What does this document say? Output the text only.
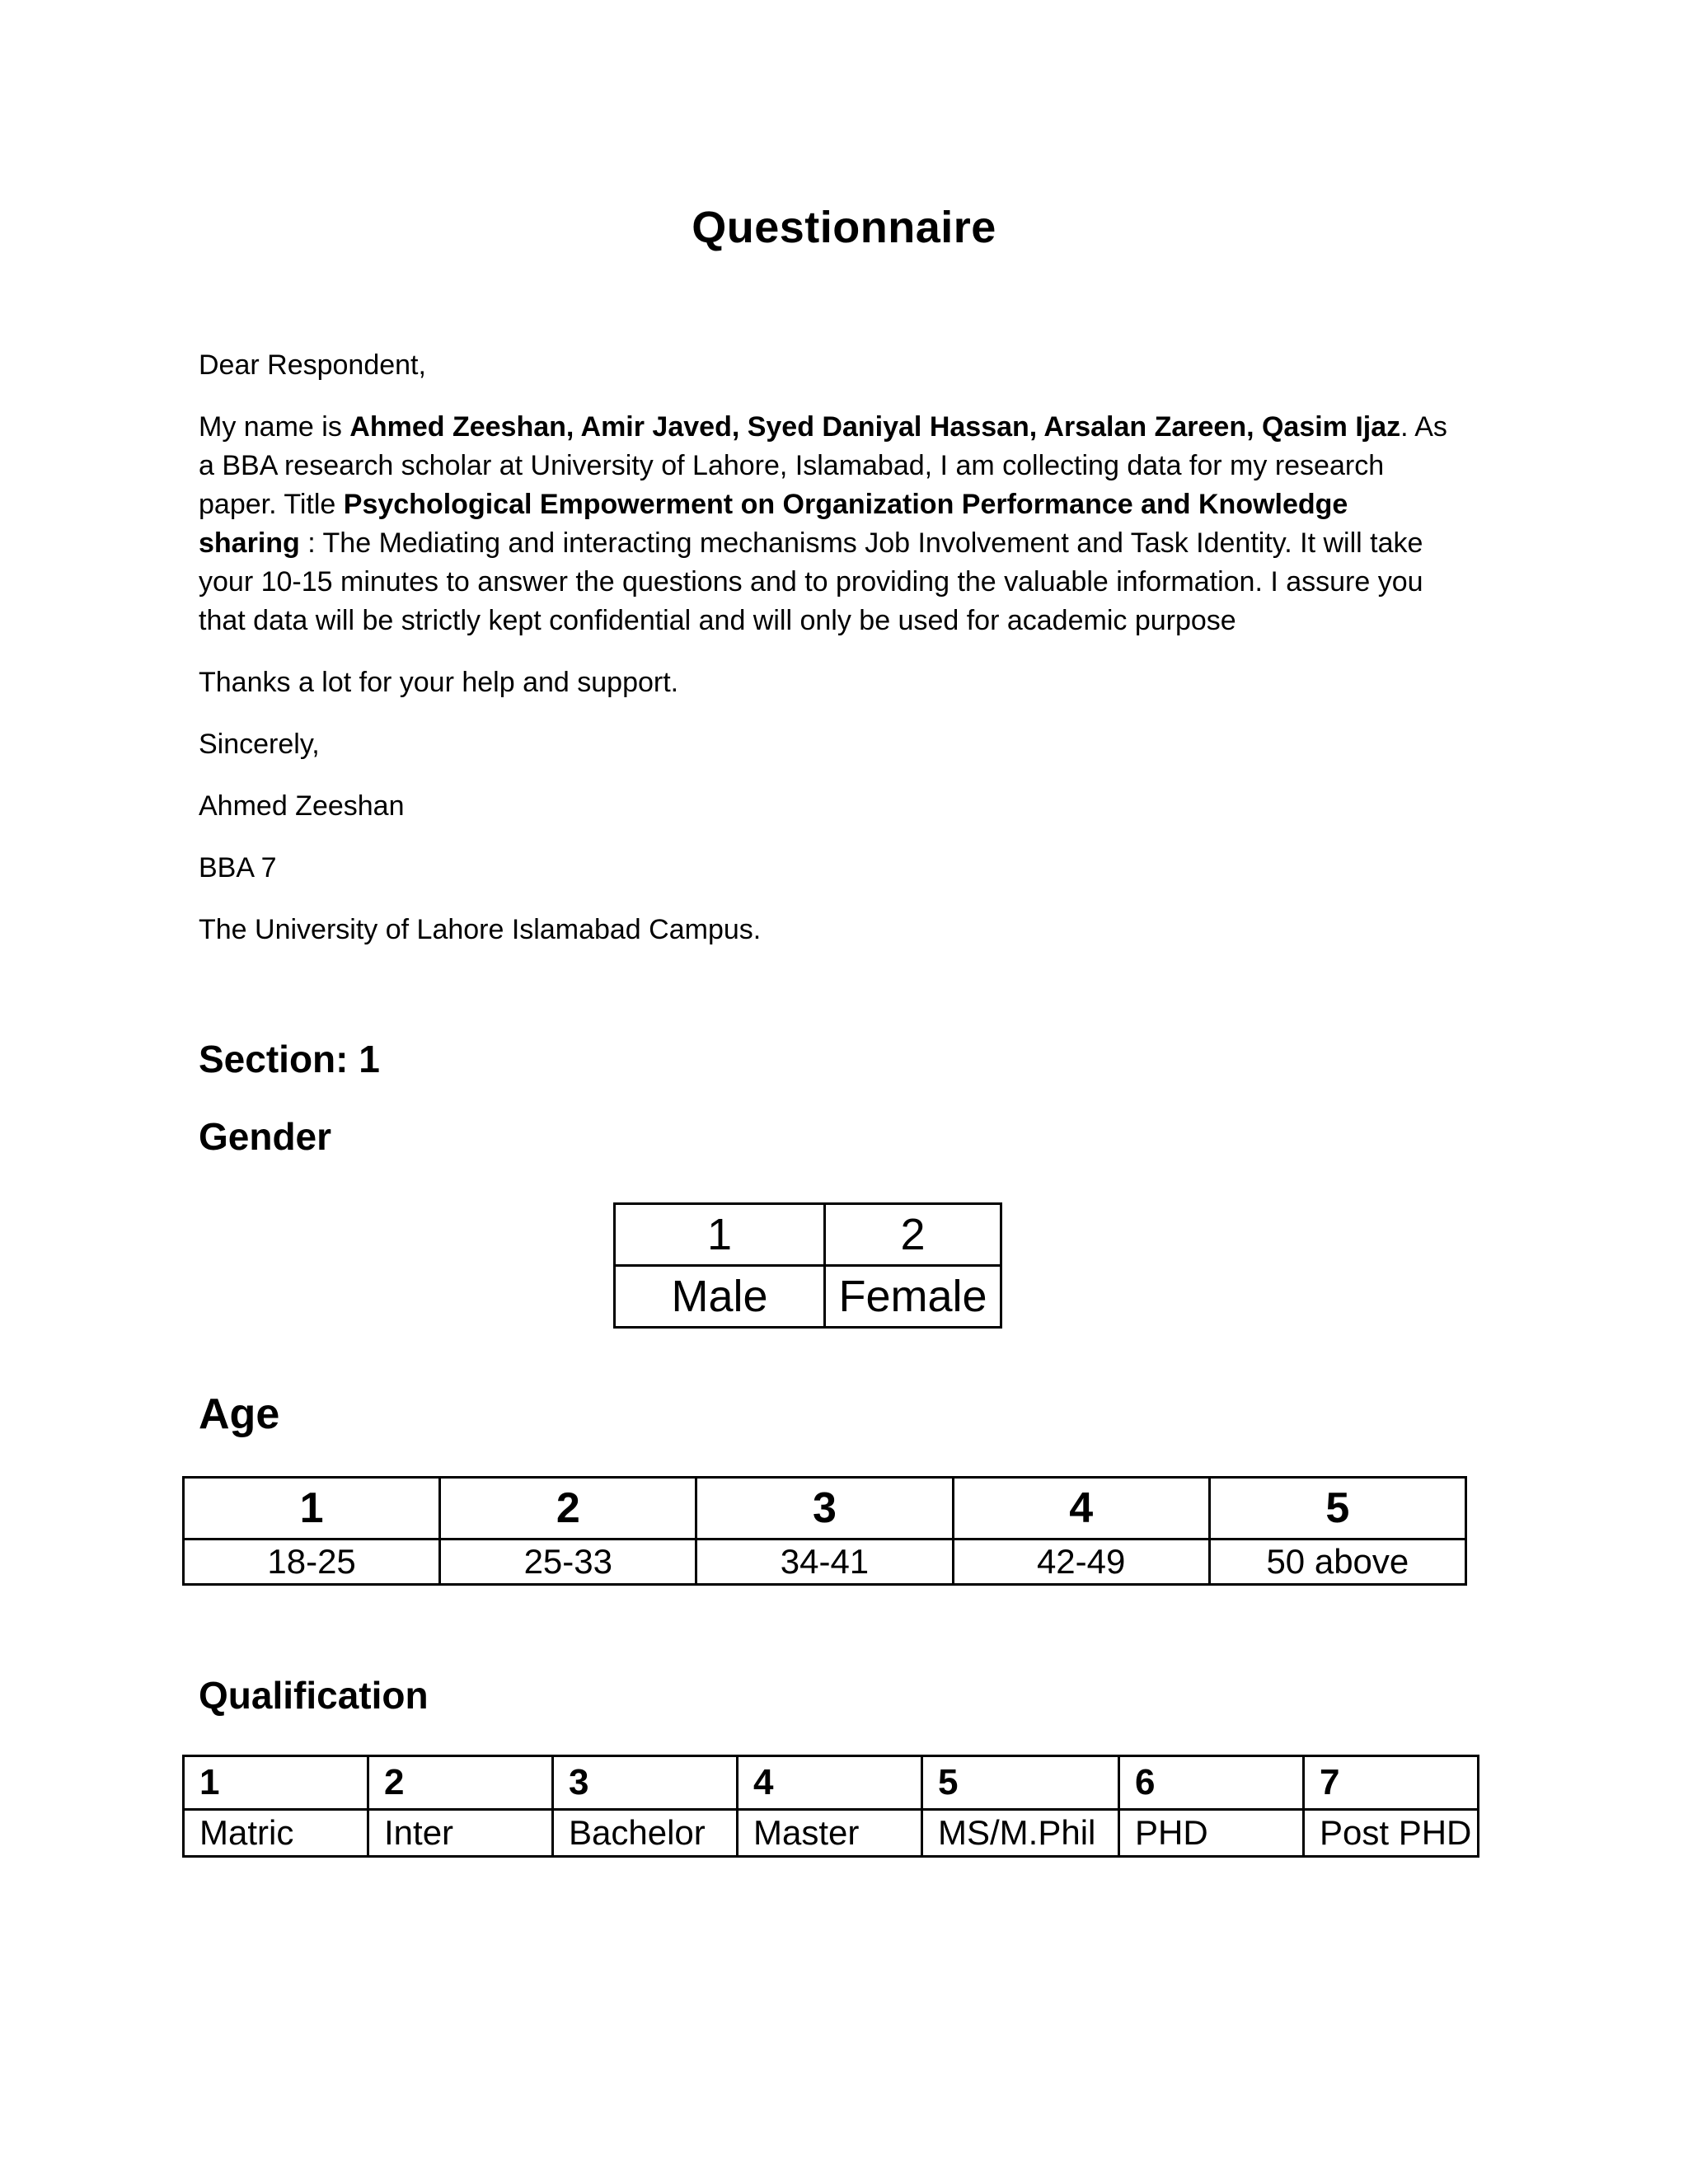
Questionnaire
Dear Respondent,
My name is Ahmed Zeeshan, Amir Javed, Syed Daniyal Hassan, Arsalan Zareen, Qasim Ijaz. As a BBA research scholar at University of Lahore, Islamabad, I am collecting data for my research paper. Title Psychological Empowerment on Organization Performance and Knowledge sharing : The Mediating and interacting mechanisms Job Involvement and Task Identity. It will take your 10-15 minutes to answer the questions and to providing the valuable information. I assure you that data will be strictly kept confidential and will only be used for academic purpose
Thanks a lot for your help and support.
Sincerely,
Ahmed Zeeshan
BBA 7
The University of Lahore Islamabad Campus.
Section: 1
Gender
1	2
Male	Female
Age
1	2	3	4	5
18-25	25-33	34-41	42-49	50 above
Qualification
1	2	3	4	5	6	7
Matric	Inter	Bachelor	Master	MS/M.Phil	PHD	Post PHD
